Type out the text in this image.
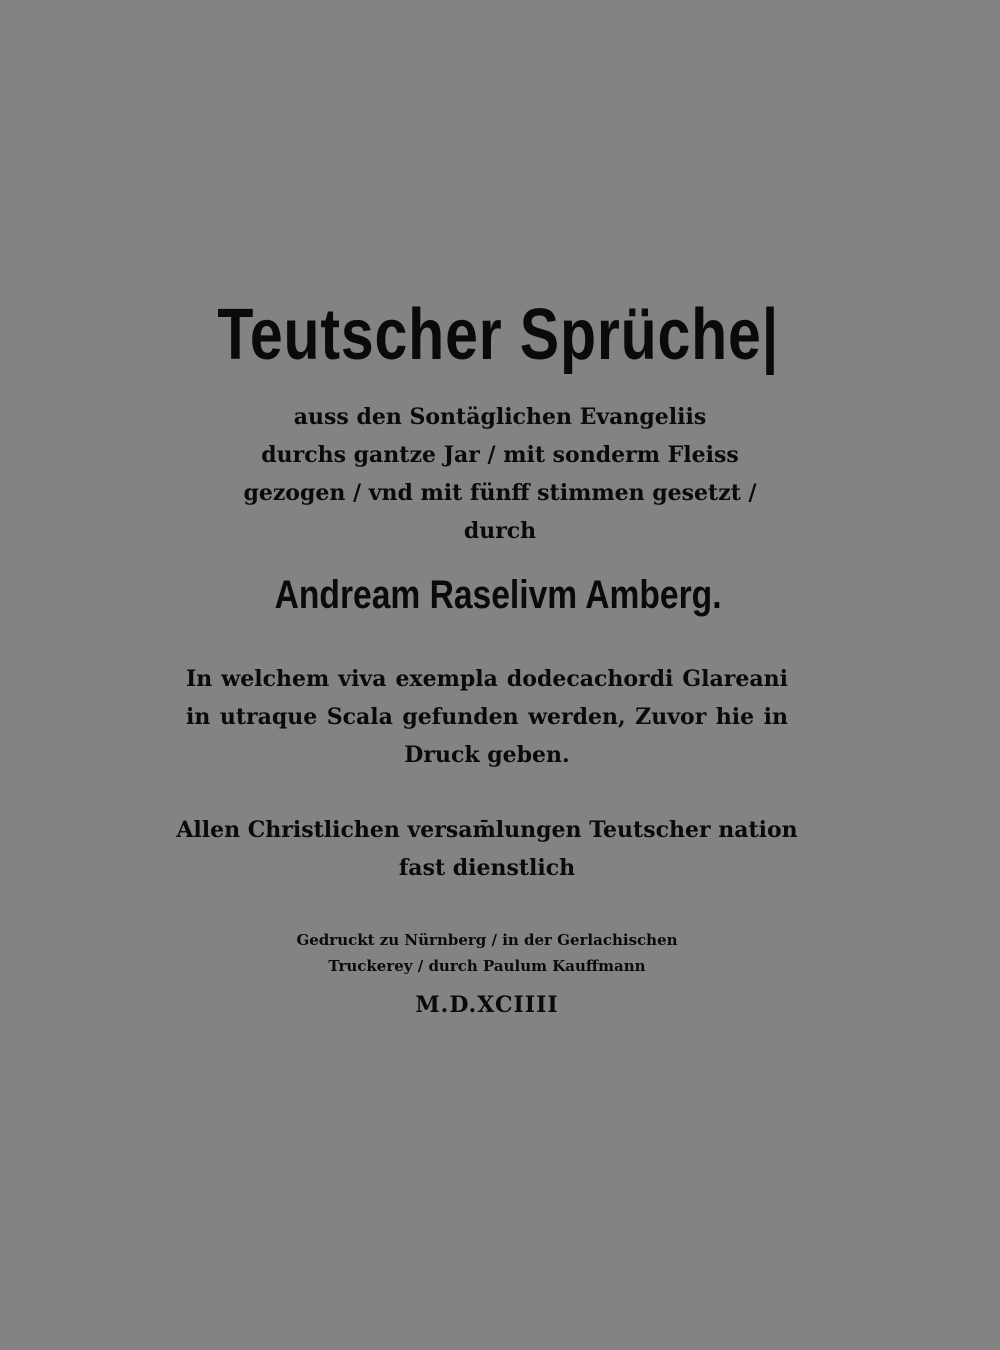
Teutscher Sprüche|

auss den Sontäglichen Evangeliis

durchs gantze Jar / mit sonderm Fleiss

gezogen / vnd mit fünff stimmen gesetzt /

durch

Andream Raselivm Amberg.

In welchem viva exempla dodecachordi Glareani

in utraque Scala gefunden werden, Zuvor hie in

Druck geben.

Allen Christlichen versam̄lungen Teutscher nation

fast dienstlich

Gedruckt zu Nürnberg / in der Gerlachischen

Truckerey / durch Paulum Kauffmann

M.D.XCIIII
